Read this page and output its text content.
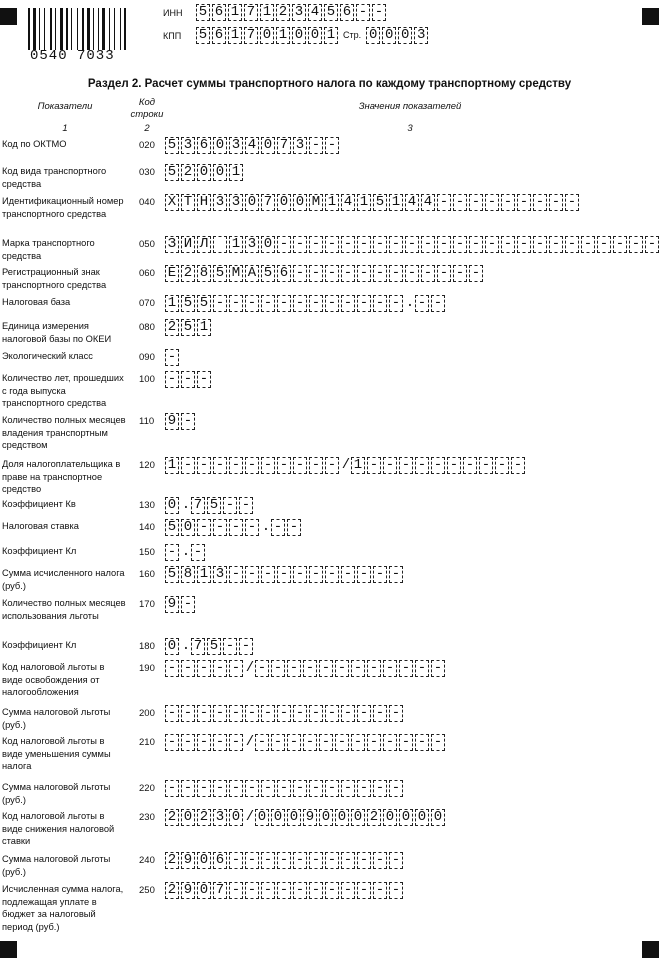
0540 7033
ИНН 5 6 1 7 1 2 3 4 5 6 - -
КПП 5 6 1 7 0 1 0 0 1 Стр. 0 0 0 3
Раздел 2. Расчет суммы транспортного налога по каждому транспортному средству
Показатели	Код строки
Значения показателей
1	2	3
Код по ОКТМО	020 5 3 6 0 3 4 0 7 3 - -
Код вида транспортного средства
030 5 2 0 0 1
Идентификационный номер транспортного средства
040 Х Т Н 3 3 0 7 0 0 М 1 4 1 5 1 4 4 - - - - - - - - -
Марка транспортного средства
050 З И Л 1 3 0 - - - - - - - - - - - - - - - - - - - - - - - -
Регистрационный знак транспортного средства
060 Е 2 8 5 М А 5 6 - - - - - - - - - - - -
Налоговая база	070 1 5 5 - - - - - - - - - - - - . - -
Единица измерения налоговой базы по ОКЕИ
080 2 5 1
Экологический класс	090 -
Количество лет, прошедших с года выпуска транспортного средства
100 - - -
Количество полных месяцев владения транспортным средством
110 9 -
Доля налогоплательщика в праве на транспортное средство
120 1 - - - - - - - - - - / 1 - - - - - - - - - -
Коэффициент Кв	130 0 . 7 5 - -
Налоговая ставка	140 5 0 - - - - . - -
Коэффициент Кл	150 - . -
Сумма исчисленного налога (руб.)
160 5 8 1 3 - - - - - - - - - - -
Количество полных месяцев использования льготы
170 9 -
Коэффициент Кл	180 0 . 7 5 - -
Код налоговой льготы в виде освобождения от налогообложения
190 - - - - - / - - - - - - - - - - - -
Сумма налоговой льготы (руб.)
200 - - - - - - - - - - - - - - -
Код налоговой льготы в виде уменьшения суммы налога
210 - - - - - / - - - - - - - - - - - -
Сумма налоговой льготы (руб.)
220 - - - - - - - - - - - - - - -
Код налоговой льготы в виде снижения налоговой ставки
230 2 0 2 3 0 / 0 0 0 9 0 0 0 2 0 0 0 0
Сумма налоговой льготы (руб.)
240 2 9 0 6 - - - - - - - - - - -
Исчисленная сумма налога, подлежащая уплате в бюджет за налоговый период (руб.)
250 2 9 0 7 - - - - - - - - - - -
